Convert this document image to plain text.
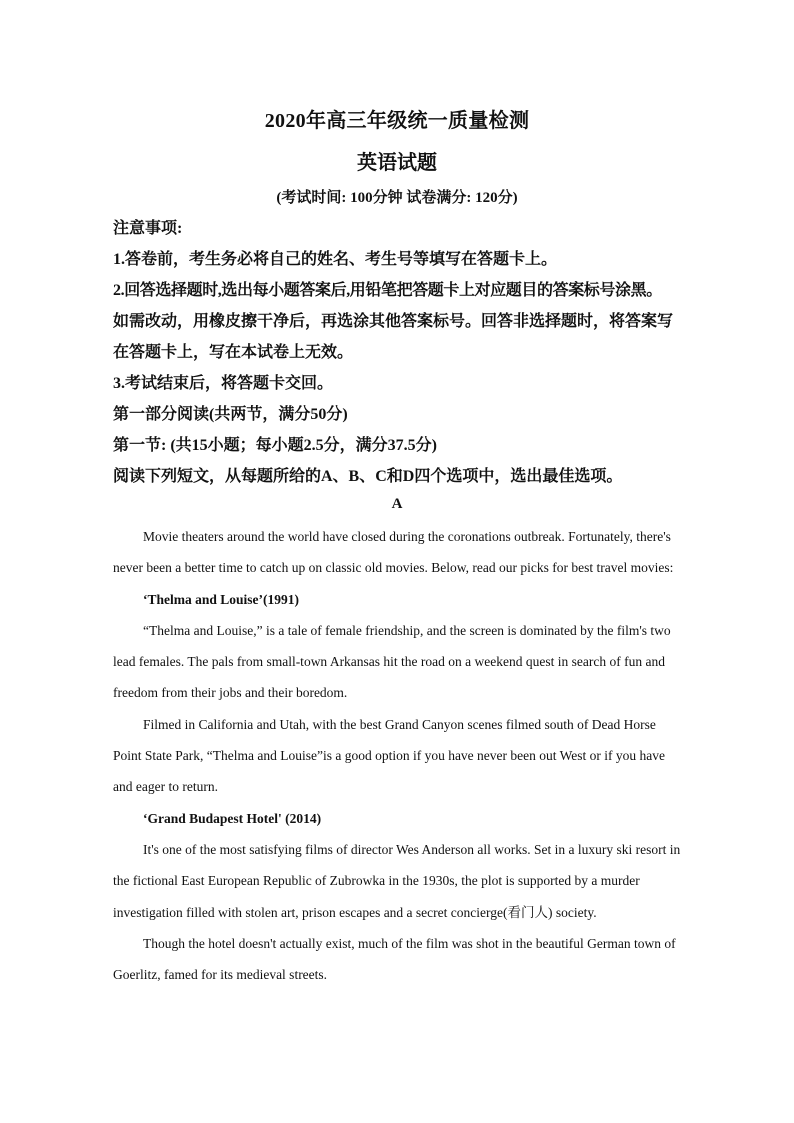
2020年高三年级统一质量检测
英语试题
(考试时间: 100分钟 试卷满分: 120分)
注意事项:
1.答卷前，考生务必将自己的姓名、考生号等填写在答题卡上。
2.回答选择题时,选出每小题答案后,用铅笔把答题卡上对应题目的答案标号涂黑。
如需改动，用橡皮擦干净后，再选涂其他答案标号。回答非选择题时，将答案写
在答题卡上，写在本试卷上无效。
3.考试结束后，将答题卡交回。
第一部分阅读(共两节，满分50分)
第一节: (共15小题；每小题2.5分，满分37.5分)
阅读下列短文，从每题所给的A、B、C和D四个选项中，选出最佳选项。
A

Movie theaters around the world have closed during the coronations outbreak. Fortunately, there's never been a better time to catch up on classic old movies. Below, read our picks for best travel movies:

‘Thelma and Louise’(1991)

“Thelma and Louise,” is a tale of female friendship, and the screen is dominated by the film's two lead females. The pals from small-town Arkansas hit the road on a weekend quest in search of fun and freedom from their jobs and their boredom.

Filmed in California and Utah, with the best Grand Canyon scenes filmed south of Dead Horse Point State Park, “Thelma and Louise”is a good option if you have never been out West or if you have and eager to return.

‘Grand Budapest Hotel' (2014)

It's one of the most satisfying films of director Wes Anderson all works. Set in a luxury ski resort in the fictional East European Republic of Zubrowka in the 1930s, the plot is supported by a murder investigation filled with stolen art, prison escapes and a secret concierge(看门人) society.

Though the hotel doesn't actually exist, much of the film was shot in the beautiful German town of Goerlitz, famed for its medieval streets.
